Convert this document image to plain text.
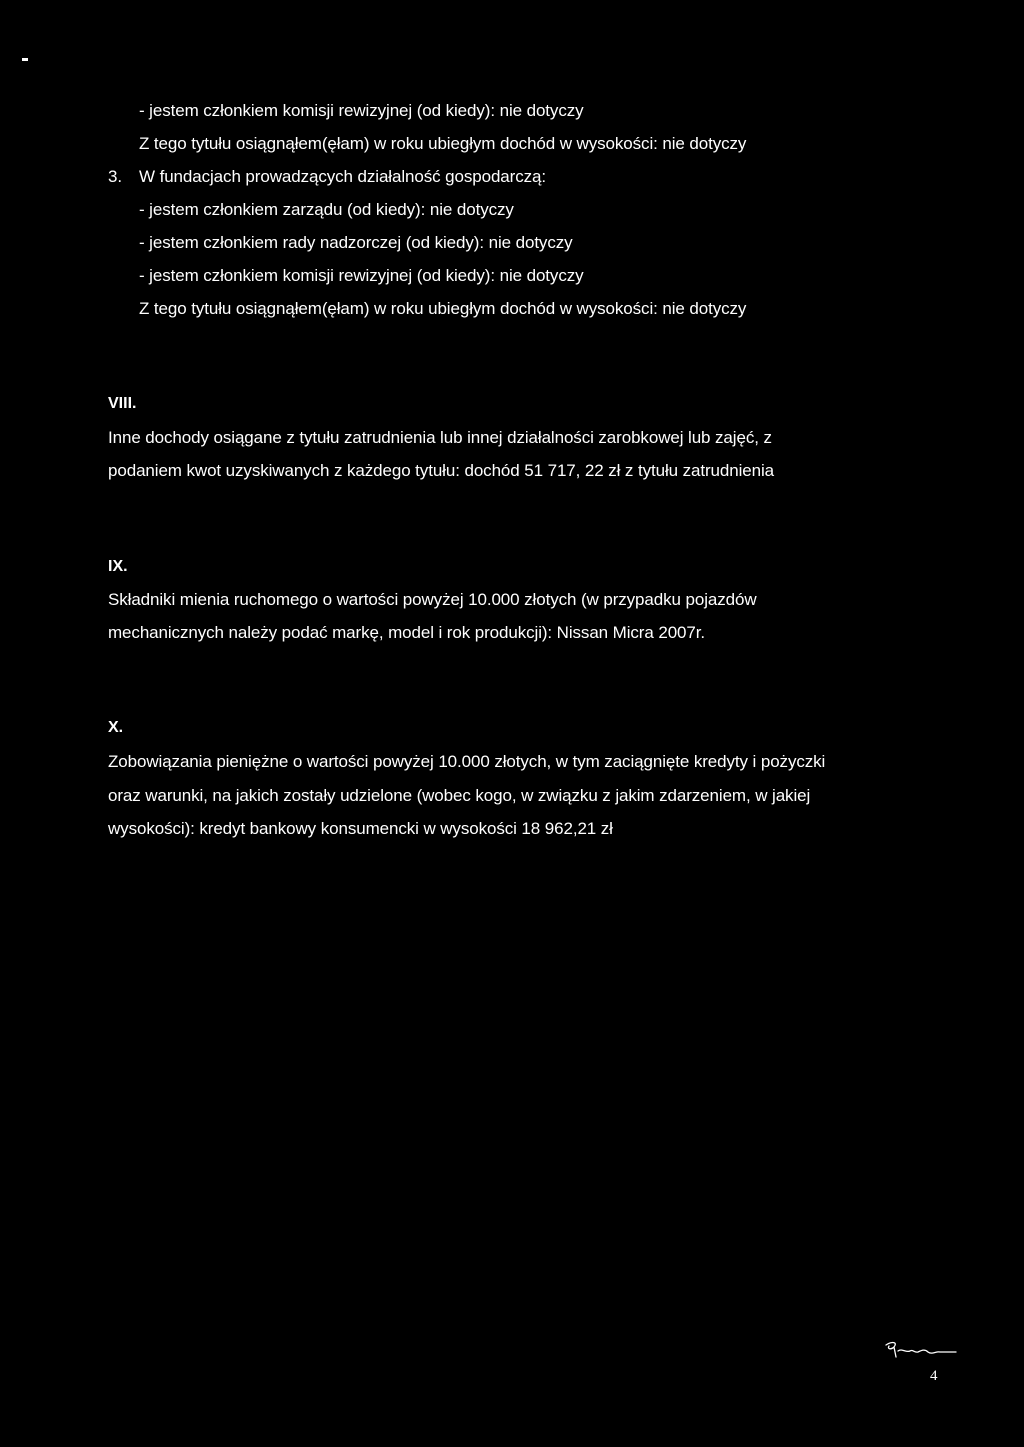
- jestem członkiem komisji rewizyjnej (od kiedy): nie dotyczy
Z tego tytułu osiągnąłem(ęłam) w roku ubiegłym dochód w wysokości: nie dotyczy
3. W fundacjach prowadzących działalność gospodarczą:
- jestem członkiem zarządu (od kiedy): nie dotyczy
- jestem członkiem rady nadzorczej (od kiedy): nie dotyczy
- jestem członkiem komisji rewizyjnej (od kiedy): nie dotyczy
Z tego tytułu osiągnąłem(ęłam) w roku ubiegłym dochód w wysokości: nie dotyczy
VIII.
Inne dochody osiągane z tytułu zatrudnienia lub innej działalności zarobkowej lub zajęć, z
podaniem kwot uzyskiwanych z każdego tytułu: dochód 51 717, 22 zł z tytułu zatrudnienia
IX.
Składniki mienia ruchomego o wartości powyżej 10.000 złotych (w przypadku pojazdów
mechanicznych należy podać markę, model i rok produkcji): Nissan Micra 2007r.
X.
Zobowiązania pieniężne o wartości powyżej 10.000 złotych, w tym zaciągnięte kredyty i pożyczki
oraz warunki, na jakich zostały udzielone (wobec kogo, w związku z jakim zdarzeniem, w jakiej
wysokości): kredyt bankowy konsumencki w wysokości 18 962,21 zł
4
